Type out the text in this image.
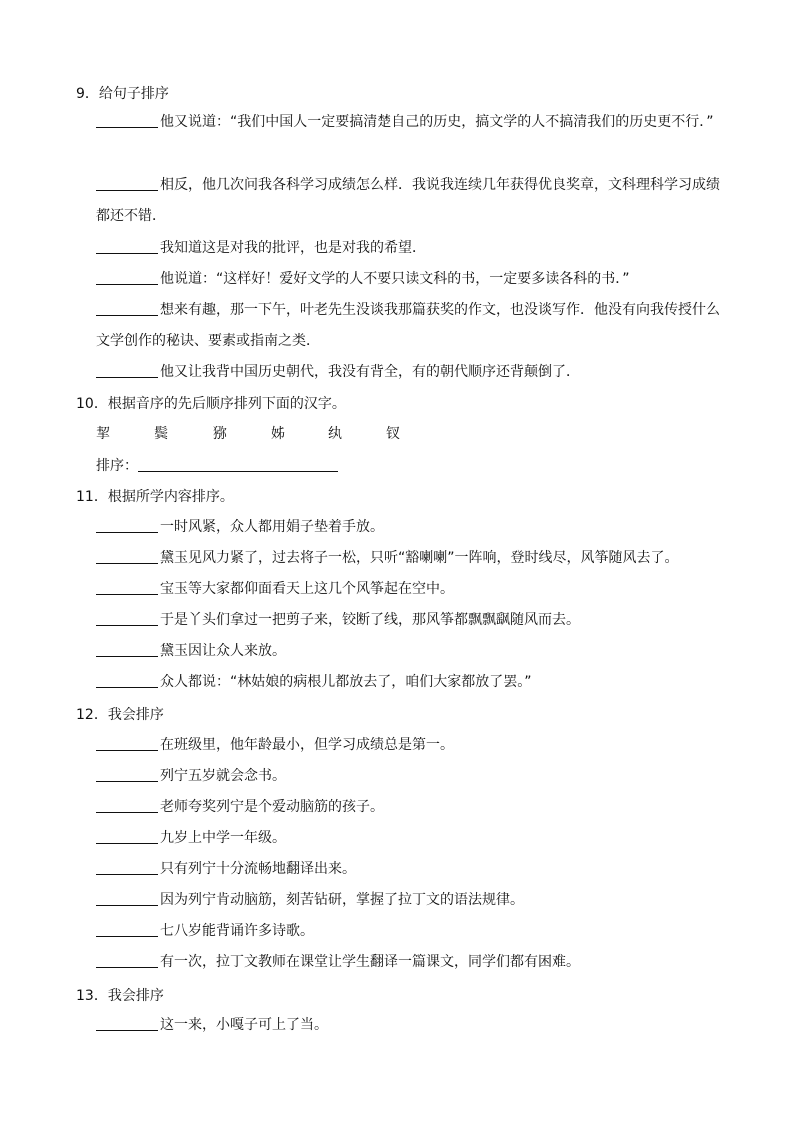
9．给句子排序
他又说道：“我们中国人一定要搞清楚自己的历史，搞文学的人不搞清我们的历史更不行．”
相反，他几次问我各科学习成绩怎么样．我说我连续几年获得优良奖章，文科理科学习成绩都还不错．
我知道这是对我的批评，也是对我的希望．
他说道：“这样好！爱好文学的人不要只读文科的书，一定要多读各科的书．”
想来有趣，那一下午，叶老先生没谈我那篇获奖的作文，也没谈写作．他没有向我传授什么文学创作的秘诀、要素或指南之类．
他又让我背中国历史朝代，我没有背全，有的朝代顺序还背颠倒了．
10．根据音序的先后顺序排列下面的汉字。
挈	鬓	猕	姊	纨	钗
排序：
11．根据所学内容排序。
一时风紧，众人都用娟子垫着手放。
黛玉见风力紧了，过去将子一松，只听“豁喇喇”一阵响，登时线尽，风筝随风去了。
宝玉等大家都仰面看天上这几个风筝起在空中。
于是丫头们拿过一把剪子来，铰断了线，那风筝都飘飘飖随风而去。
黛玉因让众人来放。
众人都说：“林姑娘的病根儿都放去了，咱们大家都放了罢。”
12．我会排序
在班级里，他年龄最小，但学习成绩总是第一。
列宁五岁就会念书。
老师夸奖列宁是个爱动脑筋的孩子。
九岁上中学一年级。
只有列宁十分流畅地翻译出来。
因为列宁肯动脑筋，刻苦钻研，掌握了拉丁文的语法规律。
七八岁能背诵许多诗歌。
有一次，拉丁文教师在课堂让学生翻译一篇课文，同学们都有困难。
13．我会排序
这一来，小嘎子可上了当。
